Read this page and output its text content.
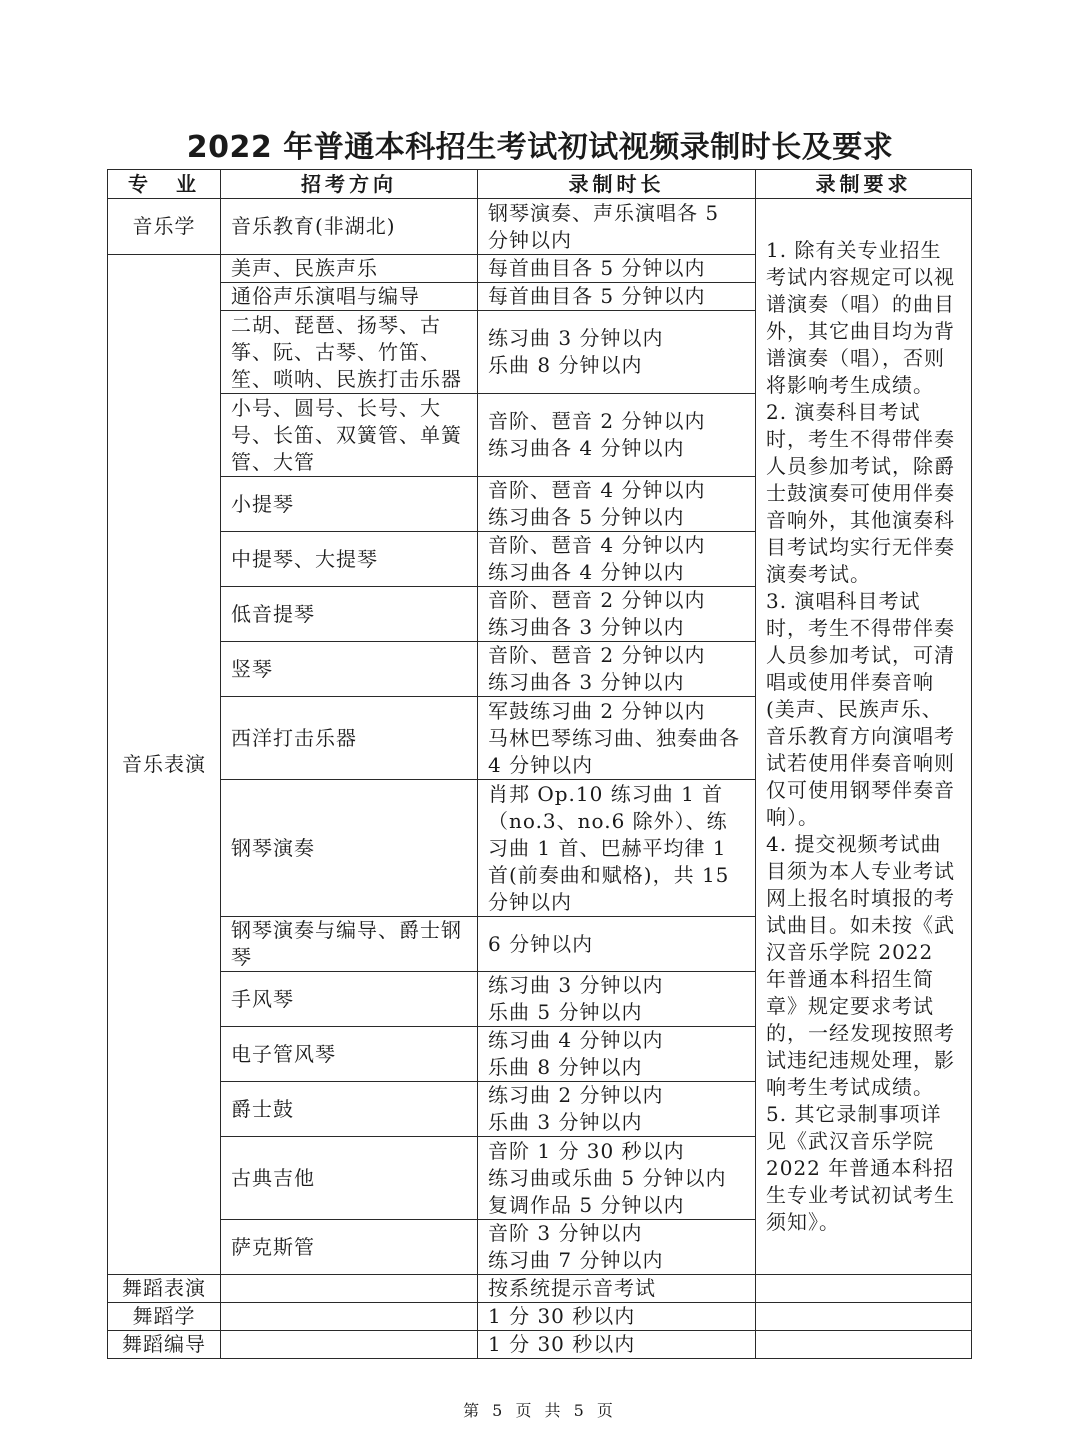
2022 年普通本科招生考试初试视频录制时长及要求
专　业	招考方向	录制时长	录制要求
音乐学	音乐教育(非湖北)	钢琴演奏、声乐演唱各 5 分钟以内	1. 除有关专业招生考试内容规定可以视谱演奏（唱）的曲目外，其它曲目均为背谱演奏（唱），否则将影响考生成绩。
2. 演奏科目考试时，考生不得带伴奏人员参加考试，除爵士鼓演奏可使用伴奏音响外，其他演奏科目考试均实行无伴奏演奏考试。
3. 演唱科目考试时，考生不得带伴奏人员参加考试，可清唱或使用伴奏音响(美声、民族声乐、音乐教育方向演唱考试若使用伴奏音响则仅可使用钢琴伴奏音响）。
4. 提交视频考试曲目须为本人专业考试网上报名时填报的考试曲目。如未按《武汉音乐学院 2022 年普通本科招生简章》规定要求考试的，一经发现按照考试违纪违规处理，影响考生考试成绩。
5. 其它录制事项详见《武汉音乐学院 2022 年普通本科招生专业考试初试考生须知》。

音乐表演	美声、民族声乐	每首曲目各 5 分钟以内	

	通俗声乐演唱与编导	每首曲目各 5 分钟以内	

	二胡、琵琶、扬琴、古筝、阮、古琴、竹笛、笙、唢呐、民族打击乐器	练习曲 3 分钟以内
乐曲 8 分钟以内	

	小号、圆号、长号、大号、长笛、双簧管、单簧管、大管	音阶、琶音 2 分钟以内
练习曲各 4 分钟以内	

	小提琴	音阶、琶音 4 分钟以内
练习曲各 5 分钟以内	

	中提琴、大提琴	音阶、琶音 4 分钟以内
练习曲各 4 分钟以内	

	低音提琴	音阶、琶音 2 分钟以内
练习曲各 3 分钟以内	

	竖琴	音阶、琶音 2 分钟以内
练习曲各 3 分钟以内	

	西洋打击乐器	军鼓练习曲 2 分钟以内
马林巴琴练习曲、独奏曲各 4 分钟以内	

	钢琴演奏	肖邦 Op.10 练习曲 1 首（no.3、no.6 除外）、练习曲 1 首、巴赫平均律 1 首(前奏曲和赋格)，共 15 分钟以内	

	钢琴演奏与编导、爵士钢琴	6 分钟以内	

	手风琴	练习曲 3 分钟以内
乐曲 5 分钟以内	

	电子管风琴	练习曲 4 分钟以内
乐曲 8 分钟以内	

	爵士鼓	练习曲 2 分钟以内
乐曲 3 分钟以内	

	古典吉他	音阶 1 分 30 秒以内
练习曲或乐曲 5 分钟以内
复调作品 5 分钟以内	

	萨克斯管	音阶 3 分钟以内
练习曲 7 分钟以内	

舞蹈表演		按系统提示音考试	

舞蹈学		1 分 30 秒以内	

舞蹈编导		1 分 30 秒以内	

第 5 页 共 5 页
